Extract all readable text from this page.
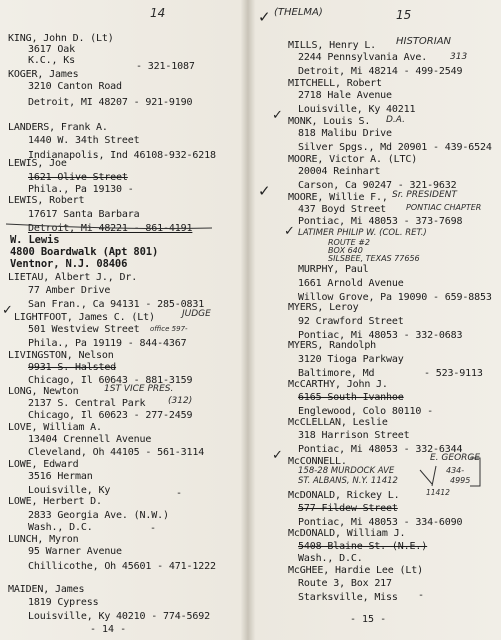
14
KING, John D. (Lt)
3617 Oak
K.C., Ks
- 321-1087
KOGER, James
3210 Canton Road
Detroit, MI 48207 - 921-9190
LANDERS, Frank A.
1440 W. 34th Street
Indianapolis, Ind 46108-932-6218
LEWIS, Joe
1621 Olive Street
Phila., Pa 19130 -
LEWIS, Robert
17617 Santa Barbara
Detroit, Mi 48221 - 861-4191
W. Lewis
4800 Boardwalk (Apt 801)
Ventnor, N.J. 08406
LIETAU, Albert J., Dr.
77 Amber Drive
San Fran., Ca 94131 - 285-0831
✓ LIGHTFOOT, James C. (Lt)	JUDGE
501 Westview Street office 597-
Phila., Pa 19119 - 844-4367
LIVINGSTON, Nelson
9931 S. Halsted
Chicago, Il 60643 - 881-3159
LONG, Newton	1ST VICE PRES.
2137 S. Central Park	(312)
Chicago, Il 60623 - 277-2459
LOVE, William A.
13404 Crennell Avenue
Cleveland, Oh 44105 - 561-3114
LOWE, Edward
3516 Herman
Louisville, Ky	-
LOWE, Herbert D.
2833 Georgia Ave. (N.W.)
Wash., D.C.	-
LUNCH, Myron
95 Warner Avenue
Chillicothe, Oh 45601 - 471-1222
MAIDEN, James
1819 Cypress
Louisville, Ky 40210 - 774-5692
- 14 -
✓ (THELMA)	15
MILLS, Henry L. HISTORIAN
2244 Pennsylvania Ave.	313
Detroit, Mi 48214 - 499-2549
MITCHELL, Robert
2718 Hale Avenue
Louisville, Ky 40211
✓ MONK, Louis S. D.A.
818 Malibu Drive
Silver Spgs., Md 20901 - 439-6524
MOORE, Victor A. (LTC)
20004 Reinhart
Carson, Ca 90247 - 321-9632
✓ MOORE, Willie F., Sr. PRESIDENT
437 Boyd Street PONTIAC CHAPTER
Pontiac, Mi 48053 - 373-7698
✓ LATIMER PHILIP W. (COL. RET.)
ROUTE #2
BOX 640
SILSBEE, TEXAS 77656
MURPHY, Paul
1661 Arnold Avenue
Willow Grove, Pa 19090 - 659-8853
MYERS, Leroy
92 Crawford Street
Pontiac, Mi 48053 - 332-0683
MYERS, Randolph
3120 Tioga Parkway
Baltimore, Md	- 523-9113
McCARTHY, John J.
6165 South Ivanhoe
Englewood, Colo 80110 -
McCLELLAN, Leslie
318 Harrison Street
Pontiac, Mi 48053 - 332-6344
✓ McCONNELL.	E. GEORGE
158-28 MURDOCK AVE
ST. ALBANS, N.Y. 11412
434-
4995
McDONALD, Rickey L.	11412
577 Fildew Street
Pontiac, Mi 48053 - 334-6090
McDONALD, William J.
5408 Blaine St. (N.E.)
Wash., D.C.
McGHEE, Hardie Lee (Lt)
Route 3, Box 217
Starksville, Miss -
- 15 -
